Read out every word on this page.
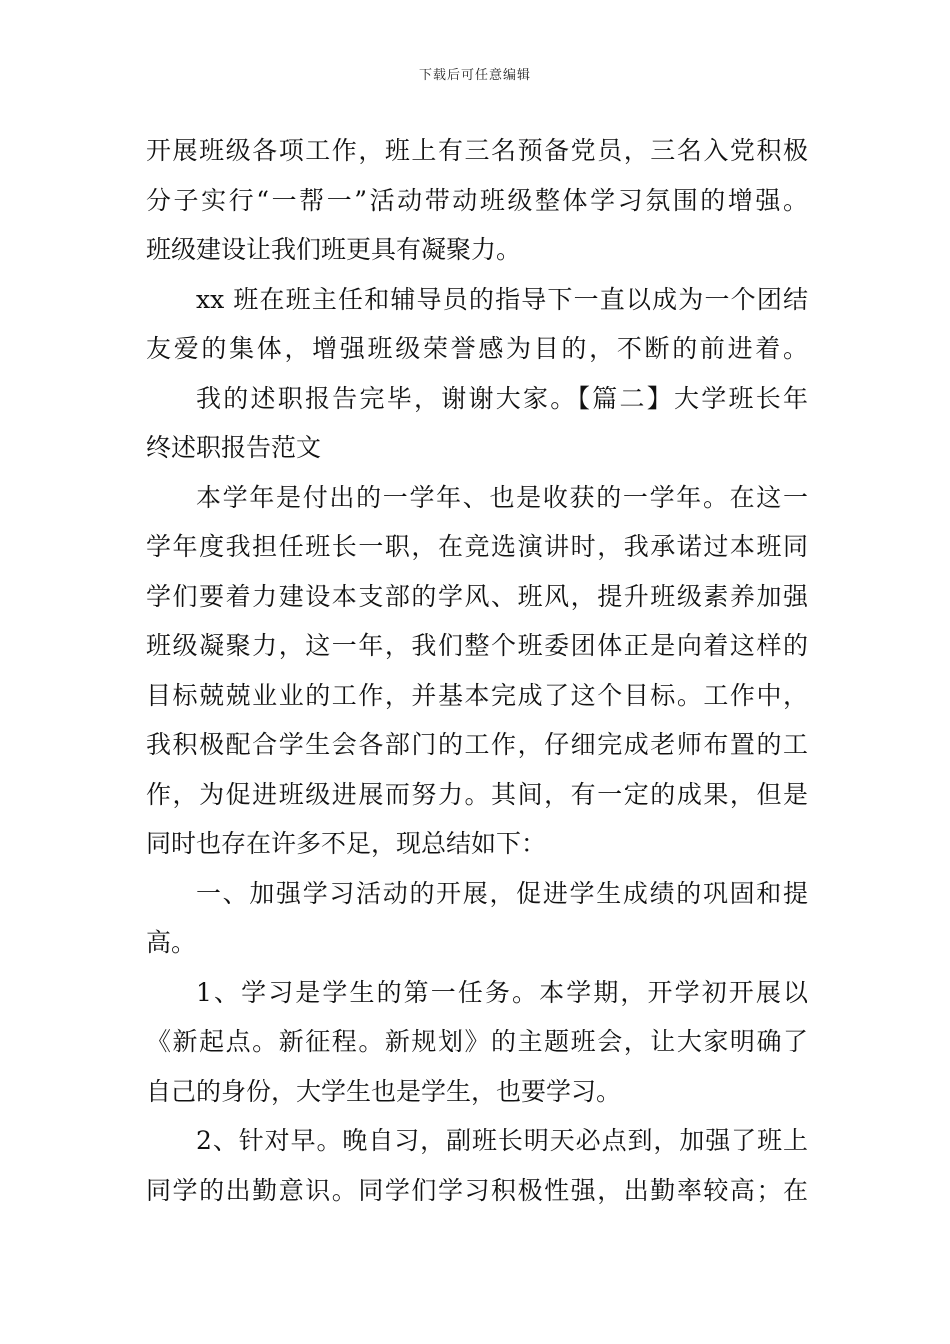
下载后可任意编辑
开展班级各项工作，班上有三名预备党员，三名入党积极
分子实行“一帮一”活动带动班级整体学习氛围的增强。
班级建设让我们班更具有凝聚力。
xx 班在班主任和辅导员的指导下一直以成为一个团结
友爱的集体，增强班级荣誉感为目的，不断的前进着。
我的述职报告完毕，谢谢大家。【篇二】大学班长年
终述职报告范文
本学年是付出的一学年、也是收获的一学年。在这一
学年度我担任班长一职，在竞选演讲时，我承诺过本班同
学们要着力建设本支部的学风、班风，提升班级素养加强
班级凝聚力，这一年，我们整个班委团体正是向着这样的
目标兢兢业业的工作，并基本完成了这个目标。工作中，
我积极配合学生会各部门的工作，仔细完成老师布置的工
作，为促进班级进展而努力。其间，有一定的成果，但是
同时也存在许多不足，现总结如下：
一、加强学习活动的开展，促进学生成绩的巩固和提
高。
1、学习是学生的第一任务。本学期，开学初开展以
《新起点。新征程。新规划》的主题班会，让大家明确了
自己的身份，大学生也是学生，也要学习。
2、针对早。晚自习，副班长明天必点到，加强了班上
同学的出勤意识。同学们学习积极性强，出勤率较高；在
